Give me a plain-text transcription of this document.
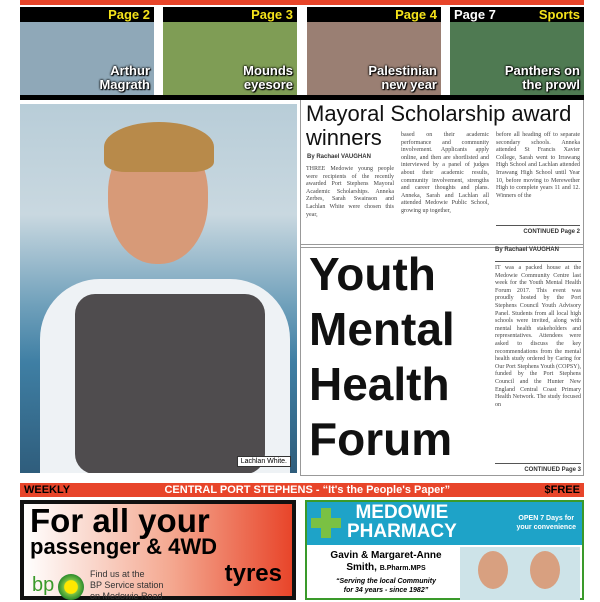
Page 2
Arthur
Magrath
Page 3
Mounds
eyesore
Page 4
Palestinian
new year
Page 7	Sports
Panthers on
the prowl
Lachlan White.
Mayoral Scholarship award winners
By Rachael VAUGHAN
THREE Medowie young people were recipients of the recently awarded Port Stephens Mayoral Academic Scholarships. Anneka Zerbes, Sarah Swainson and Lachlan White were chosen this year,
based on their academic performance and community involvement. Applicants apply online, and then are shortlisted and interviewed by a panel of judges about their academic results, community involvement, strengths and career thoughts and plans. Anneka, Sarah and Lachlan all attended Medowie Public School, growing up together,
before all heading off to separate secondary schools. Anneka attended St Francis Xavier College, Sarah went to Irrawang High School and Lachlan attended Irrawang High School until Year 10, before moving to Merewether High to complete years 11 and 12. Winners of the
CONTINUED Page 2
Youth
Mental
Health
Forum
By Rachael VAUGHAN
IT was a packed house at the Medowie Community Centre last week for the Youth Mental Health Forum 2017. This event was proudly hosted by the Port Stephens Council Youth Advisory Panel. Students from all local high schools were invited, along with mental health stakeholders and representatives. Attendees were asked to discuss the key recommendations from the mental health study ordered by Caring for Our Port Stephens Youth (COPSY), funded by the Port Stephens Council and the Hunter New England Central Coast Primary Health Network. The study focused on
CONTINUED Page 3
WEEKLY	CENTRAL PORT STEPHENS - “It's the People's Paper”	$FREE
For all your
passenger & 4WD
tyres
bp	Find us at the
BP Service station
on Medowie Road
MEDOWIE
PHARMACY
OPEN 7 Days for
your convenience
Gavin & Margaret-Anne
Smith, B.Pharm.MPS
“Serving the local Community
for 34 years - since 1982”
